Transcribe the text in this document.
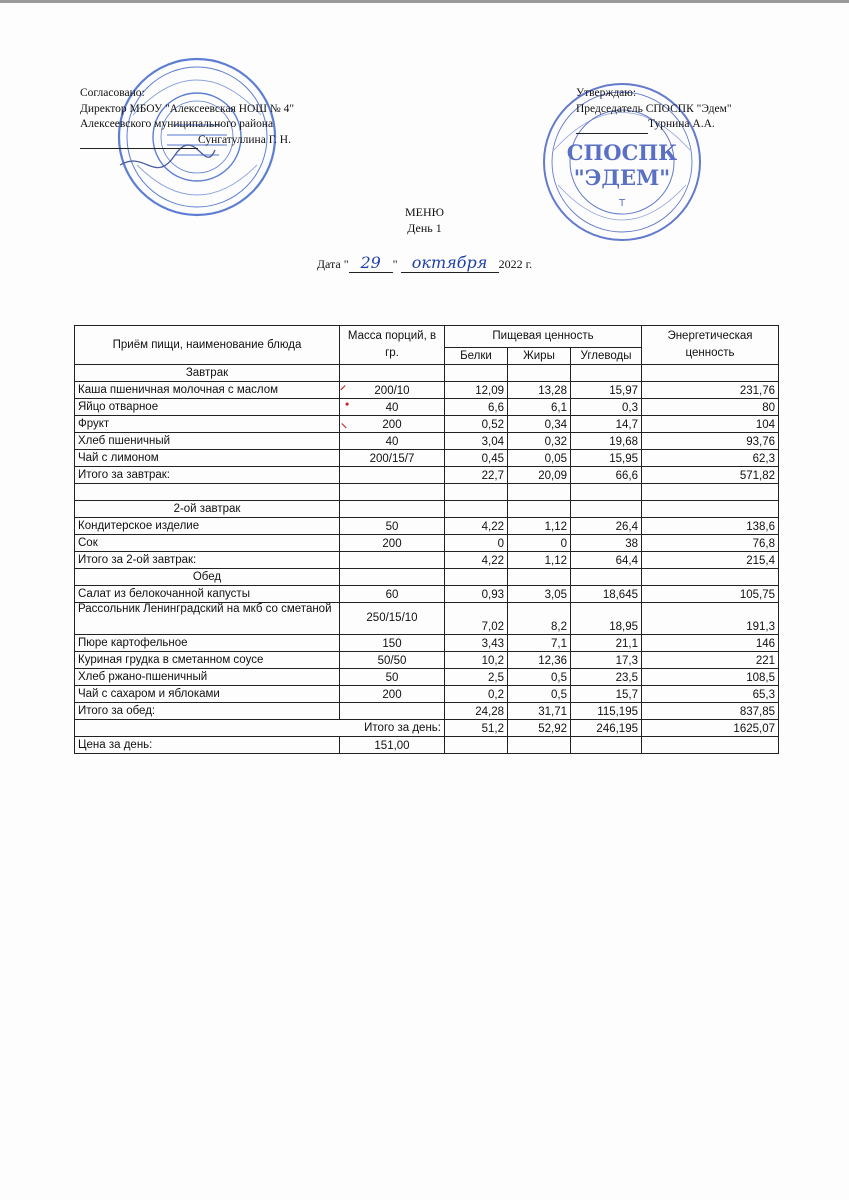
СПОСПК
"ЭДЕМ"
Т
Согласовано:
Директор МБОУ "Алексеевская НОШ № 4"
Алексеевского муниципального района
Сунгатуллина Г. Н.
Утверждаю:
Председатель СПОСПК "Эдем"
Турнина А.А.
МЕНЮ
День 1
Дата " 29 " октября 2022 г.
⸝
•
⸜
Приём пищи, наименование блюда	Масса порций, в гр.	Пищевая ценность			Энергетическая ценность
		Белки	Жиры	Углеводы	
Завтрак					
Каша пшеничная молочная с маслом	200/10	12,09	13,28	15,97	231,76
Яйцо отварное	40	6,6	6,1	0,3	80
Фрукт	200	0,52	0,34	14,7	104
Хлеб пшеничный	40	3,04	0,32	19,68	93,76
Чай с лимоном	200/15/7	0,45	0,05	15,95	62,3
Итого за завтрак:		22,7	20,09	66,6	571,82

2-ой завтрак					
Кондитерское изделие	50	4,22	1,12	26,4	138,6
Сок	200	0	0	38	76,8
Итого за 2-ой завтрак:		4,22	1,12	64,4	215,4
Обед					
Салат из белокочанной капусты	60	0,93	3,05	18,645	105,75
Рассольник Ленинградский на мкб со сметаной	250/15/10	7,02	8,2	18,95	191,3
Пюре картофельное	150	3,43	7,1	21,1	146
Куриная грудка в сметанном соусе	50/50	10,2	12,36	17,3	221
Хлеб ржано-пшеничный	50	2,5	0,5	23,5	108,5
Чай с сахаром и яблоками	200	0,2	0,5	15,7	65,3
Итого за обед:		24,28	31,71	115,195	837,85
Итого за день:		51,2	52,92	246,195	1625,07
Цена за день:	151,00				
